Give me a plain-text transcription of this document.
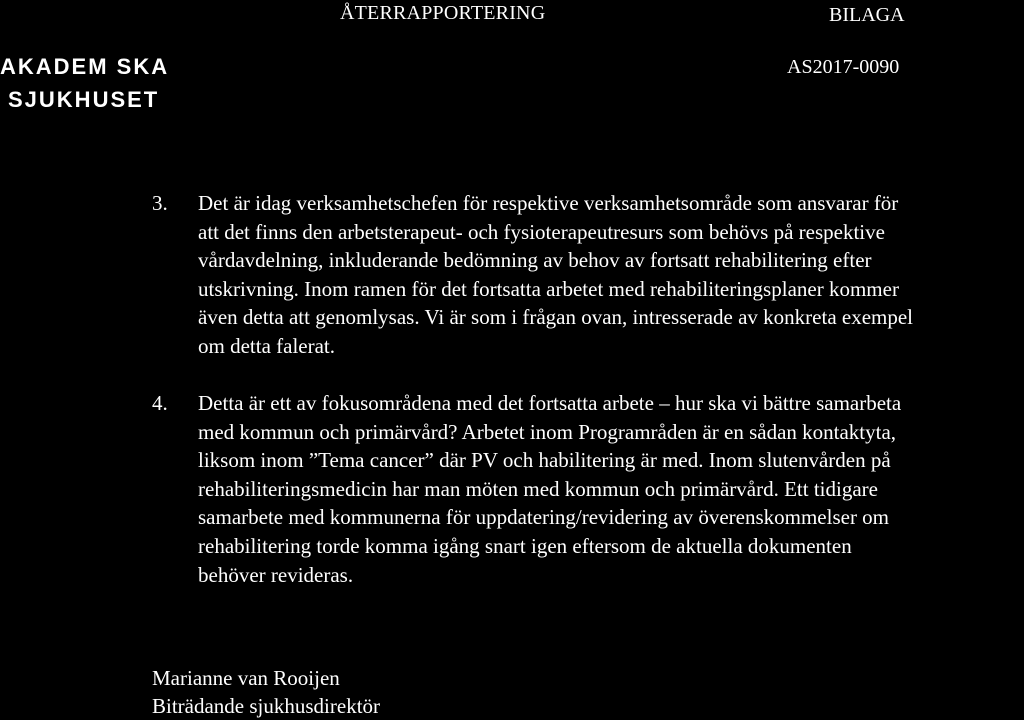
ÅTERRAPPORTERING	BILAGA
AKADEM SKA
SJUKHUSET
AS2017-0090
3. Det är idag verksamhetschefen för respektive verksamhetsområde som ansvarar för
att det finns den arbetsterapeut- och fysioterapeutresurs som behövs på respektive
vårdavdelning, inkluderande bedömning av behov av fortsatt rehabilitering efter
utskrivning. Inom ramen för det fortsatta arbetet med rehabiliteringsplaner kommer
även detta att genomlysas. Vi är som i frågan ovan, intresserade av konkreta exempel
om detta falerat.

4. Detta är ett av fokusområdena med det fortsatta arbete – hur ska vi bättre samarbeta
med kommun och primärvård? Arbetet inom Programråden är en sådan kontaktyta,
liksom inom ”Tema cancer” där PV och habilitering är med. Inom slutenvården på
rehabiliteringsmedicin har man möten med kommun och primärvård. Ett tidigare
samarbete med kommunerna för uppdatering/revidering av överenskommelser om
rehabilitering torde komma igång snart igen eftersom de aktuella dokumenten
behöver revideras.

Marianne van Rooijen
Biträdande sjukhusdirektör
